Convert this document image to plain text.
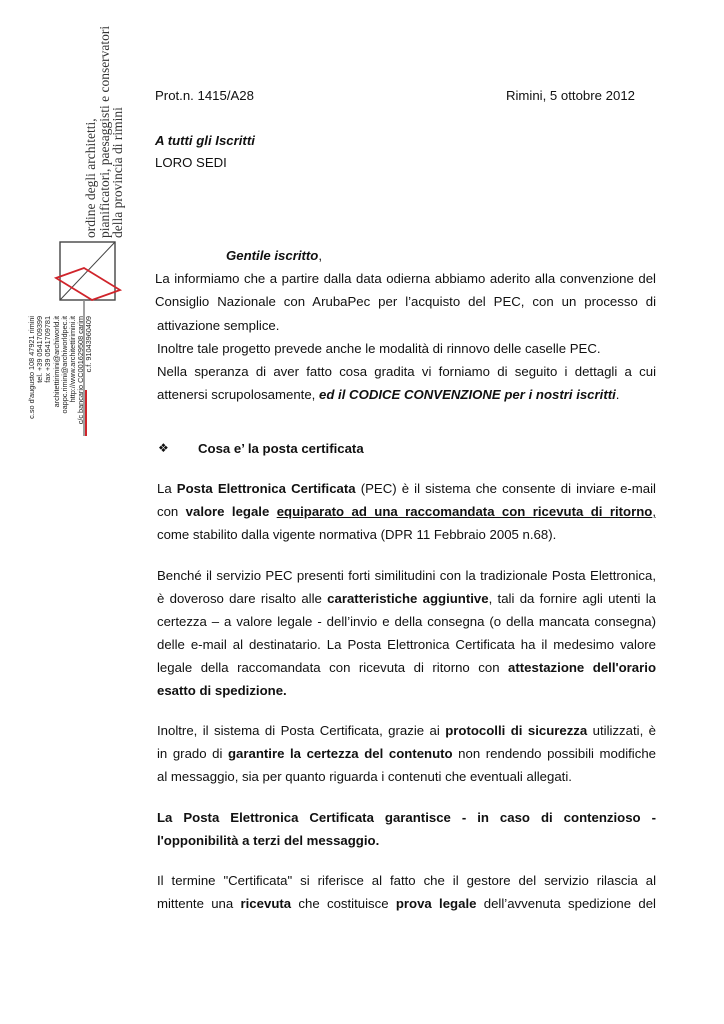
ordine degli architetti,
pianificatori, paesaggisti e conservatori
della provincia di rimini
c.so d'augusto 108 47921 rimini tel. +39 0541709399 fax +39 0541709781 architettirimini@archiworld.it oappc.rimini@archiworldpec.it http://www.architettirimini.it c/c bancario CC001629508 carim c.f. 91043960409
Prot.n. 1415/A28	Rimini, 5 ottobre 2012
A tutti gli Iscritti
LORO SEDI
Gentile iscritto,
La informiamo che a partire dalla data odierna abbiamo aderito alla convenzione del
Consiglio Nazionale con ArubaPec per l’acquisto del PEC, con un processo di
attivazione semplice.
Inoltre tale progetto prevede anche le modalità di rinnovo delle caselle PEC.
Nella speranza di aver fatto cosa gradita vi forniamo di seguito i dettagli a cui
attenersi scrupolosamente, ed il CODICE CONVENZIONE per i nostri iscritti.
❖ Cosa e’ la posta certificata
La Posta Elettronica Certificata (PEC) è il sistema che consente di inviare e-mail
con valore legale equiparato ad una raccomandata con ricevuta di ritorno,
come stabilito dalla vigente normativa (DPR 11 Febbraio 2005 n.68).
Benché il servizio PEC presenti forti similitudini con la tradizionale Posta Elettronica,
è doveroso dare risalto alle caratteristiche aggiuntive, tali da fornire agli utenti la
certezza – a valore legale - dell’invio e della consegna (o della mancata consegna)
delle e-mail al destinatario. La Posta Elettronica Certificata ha il medesimo valore
legale della raccomandata con ricevuta di ritorno con attestazione dell'orario
esatto di spedizione.
Inoltre, il sistema di Posta Certificata, grazie ai protocolli di sicurezza utilizzati, è
in grado di garantire la certezza del contenuto non rendendo possibili modifiche
al messaggio, sia per quanto riguarda i contenuti che eventuali allegati.
La Posta Elettronica Certificata garantisce - in caso di contenzioso -
l'opponibilità a terzi del messaggio.
Il termine "Certificata" si riferisce al fatto che il gestore del servizio rilascia al
mittente una ricevuta che costituisce prova legale dell’avvenuta spedizione del
